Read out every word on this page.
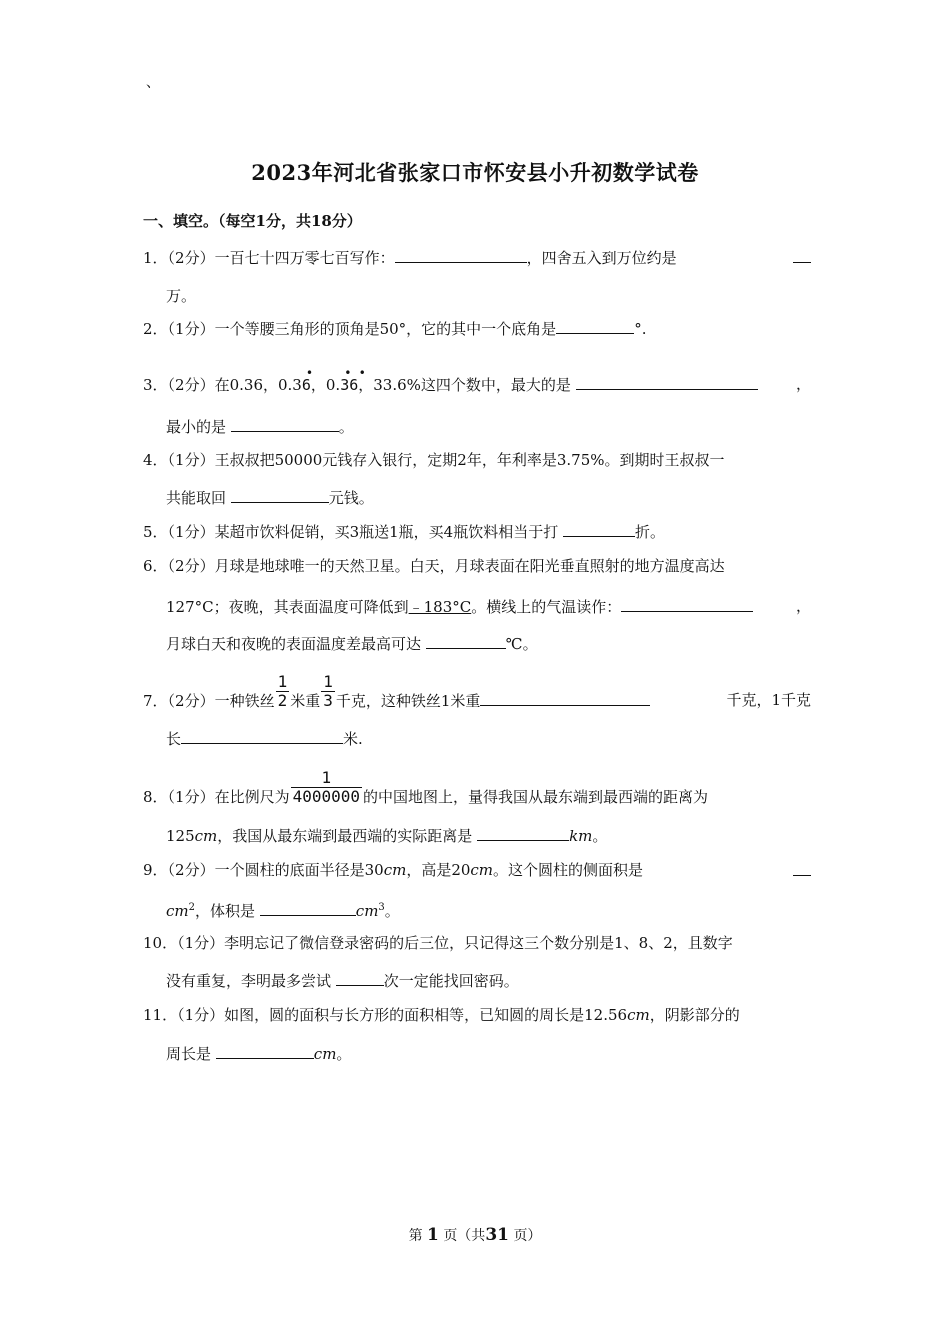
、
2023年河北省张家口市怀安县小升初数学试卷
一、填空。（每空1分，共18分）
1．（2分）一百七十四万零七百写作：	，四舍五入到万位约是
万。
2．（1分）一个等腰三角形的顶角是50°，它的其中一个底角是	°.
3．（2分）在0.36，0.3
•
6，0.
• •
36，33.6%这四个数中，最大的是	，
最小的是	。
4．（1分）王叔叔把50000元钱存入银行，定期2年，年利率是3.75%。到期时王叔叔一
共能取回	元钱。
5．（1分）某超市饮料促销，买3瓶送1瓶，买4瓶饮料相当于打	折。
6．（2分）月球是地球唯一的天然卫星。白天，月球表面在阳光垂直照射的地方温度高达
127°C；夜晚，其表面温度可降低到﹣183°C。横线上的气温读作：	，
月球白天和夜晚的表面温度差最高可达	℃。
7．（2分）一种铁丝 $\frac{1}{2}$ 米重 $\frac{1}{3}$ 千克，这种铁丝1米重	千克，1千克
长	米.
8．（1分）在比例尺为 $\frac{1}{4000000}$ 的中国地图上，量得我国从最东端到最西端的距离为
125cm，我国从最东端到最西端的实际距离是	km。
9．（2分）一个圆柱的底面半径是30cm，高是20cm。这个圆柱的侧面积是
$cm^2$，体积是	$cm^3$。
10．（1分）李明忘记了微信登录密码的后三位，只记得这三个数分别是1、8、2，且数字
没有重复，李明最多尝试	次一定能找回密码。
11．（1分）如图，圆的面积与长方形的面积相等，已知圆的周长是12.56cm，阴影部分的
周长是	cm。
第 1 页（共31 页）
